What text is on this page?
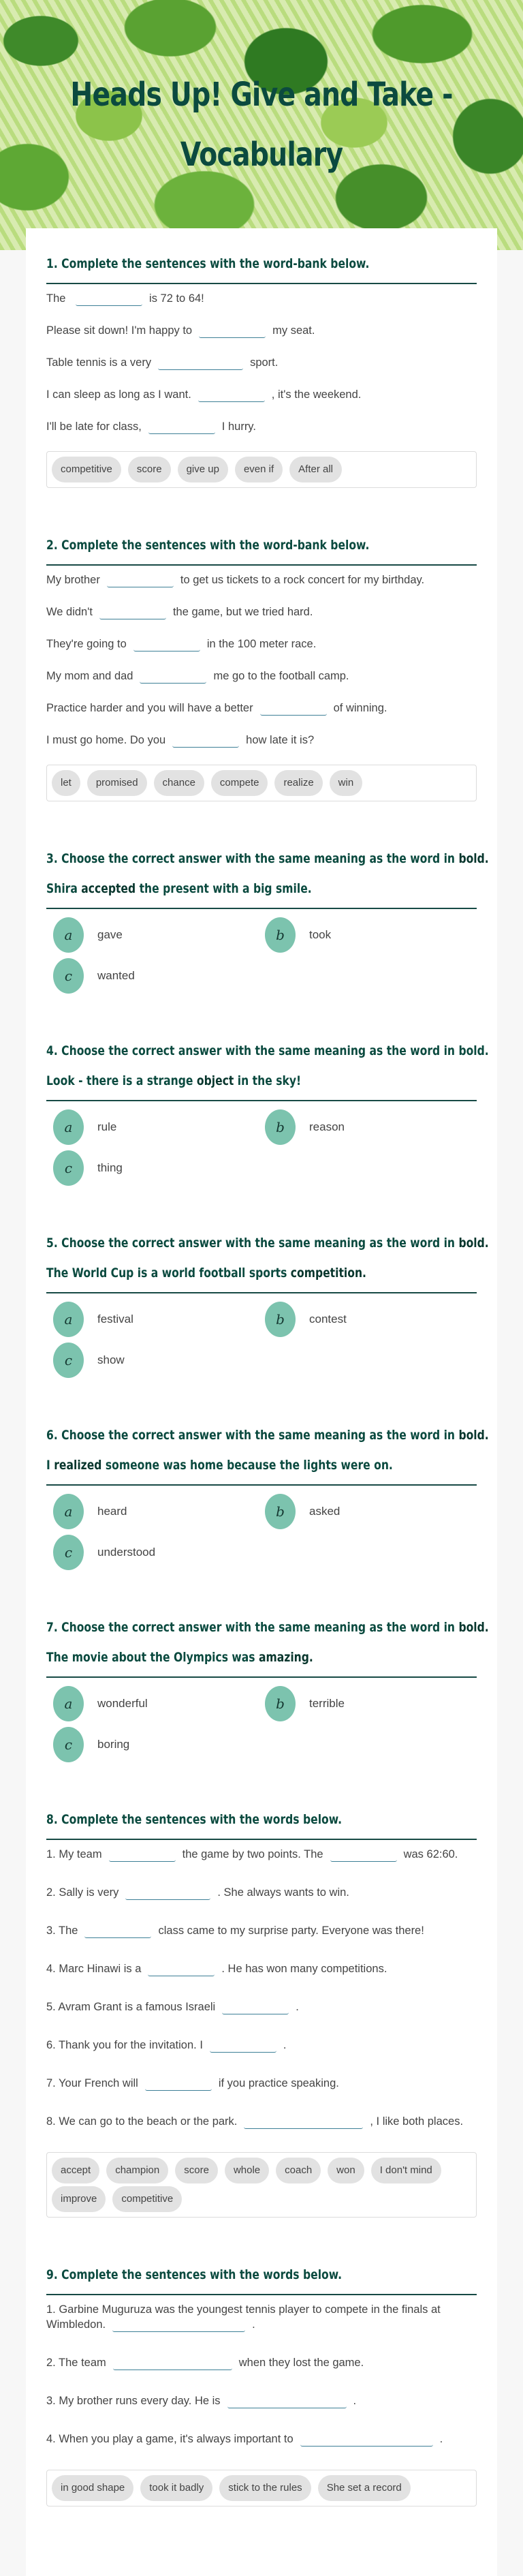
Heads Up! Give and Take - Vocabulary
1. Complete the sentences with the word-bank below.
The	is 72 to 64!
Please sit down! I'm happy to	my seat.
Table tennis is a very	sport.
I can sleep as long as I want.	, it's the weekend.
I'll be late for class,	I hurry.
competitive	score	give up	even if	After all
2. Complete the sentences with the word-bank below.
My brother	to get us tickets to a rock concert for my birthday.
We didn't	the game, but we tried hard.
They're going to	in the 100 meter race.
My mom and dad	me go to the football camp.
Practice harder and you will have a better	of winning.
I must go home. Do you	how late it is?
let	promised	chance	compete	realize	win
3. Choose the correct answer with the same meaning as the word in bold.
Shira accepted the present with a big smile.
a	gave	b	took
c	wanted
4. Choose the correct answer with the same meaning as the word in bold.
Look - there is a strange object in the sky!
a	rule	b	reason
c	thing
5. Choose the correct answer with the same meaning as the word in bold.
The World Cup is a world football sports competition.
a	festival	b	contest
c	show
6. Choose the correct answer with the same meaning as the word in bold.
I realized someone was home because the lights were on.
a	heard	b	asked
c	understood
7. Choose the correct answer with the same meaning as the word in bold.
The movie about the Olympics was amazing.
a	wonderful	b	terrible
c	boring
8. Complete the sentences with the words below.
1. My team	the game by two points. The	was 62:60.
2. Sally is very	. She always wants to win.
3. The	class came to my surprise party. Everyone was there!
4. Marc Hinawi is a	. He has won many competitions.
5. Avram Grant is a famous Israeli	.
6. Thank you for the invitation. I	.
7. Your French will	if you practice speaking.
8. We can go to the beach or the park.	, I like both places.
accept	champion	score	whole	coach	won	I don't mind
improve	competitive
9. Complete the sentences with the words below.
1. Garbine Muguruza was the youngest tennis player to compete in the finals at Wimbledon.	.
2. The team	when they lost the game.
3. My brother runs every day. He is	.
4. When you play a game, it's always important to	.
in good shape	took it badly	stick to the rules	She set a record
